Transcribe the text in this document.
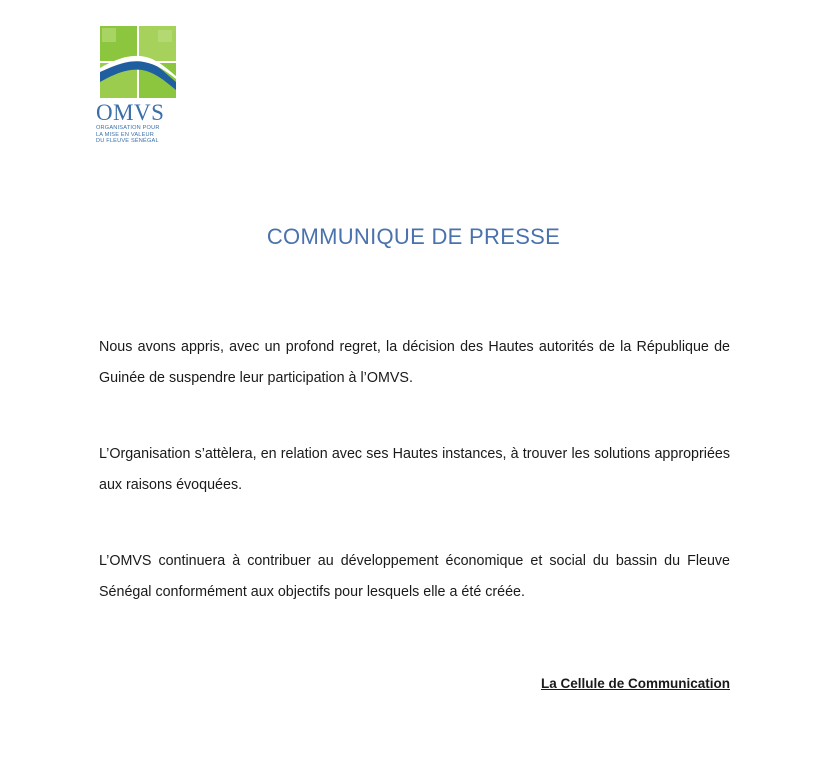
OMVS
ORGANISATION POUR
LA MISE EN VALEUR
DU FLEUVE SÉNÉGAL
COMMUNIQUE DE PRESSE

Nous avons appris, avec un profond regret, la décision des Hautes autorités de la République de Guinée de suspendre leur participation à l’OMVS.

L’Organisation s’attèlera, en relation avec ses Hautes instances, à trouver les solutions appropriées aux raisons évoquées.

L’OMVS continuera à contribuer au développement économique et social du bassin du Fleuve Sénégal conformément aux objectifs pour lesquels elle a été créée.

La Cellule de Communication
